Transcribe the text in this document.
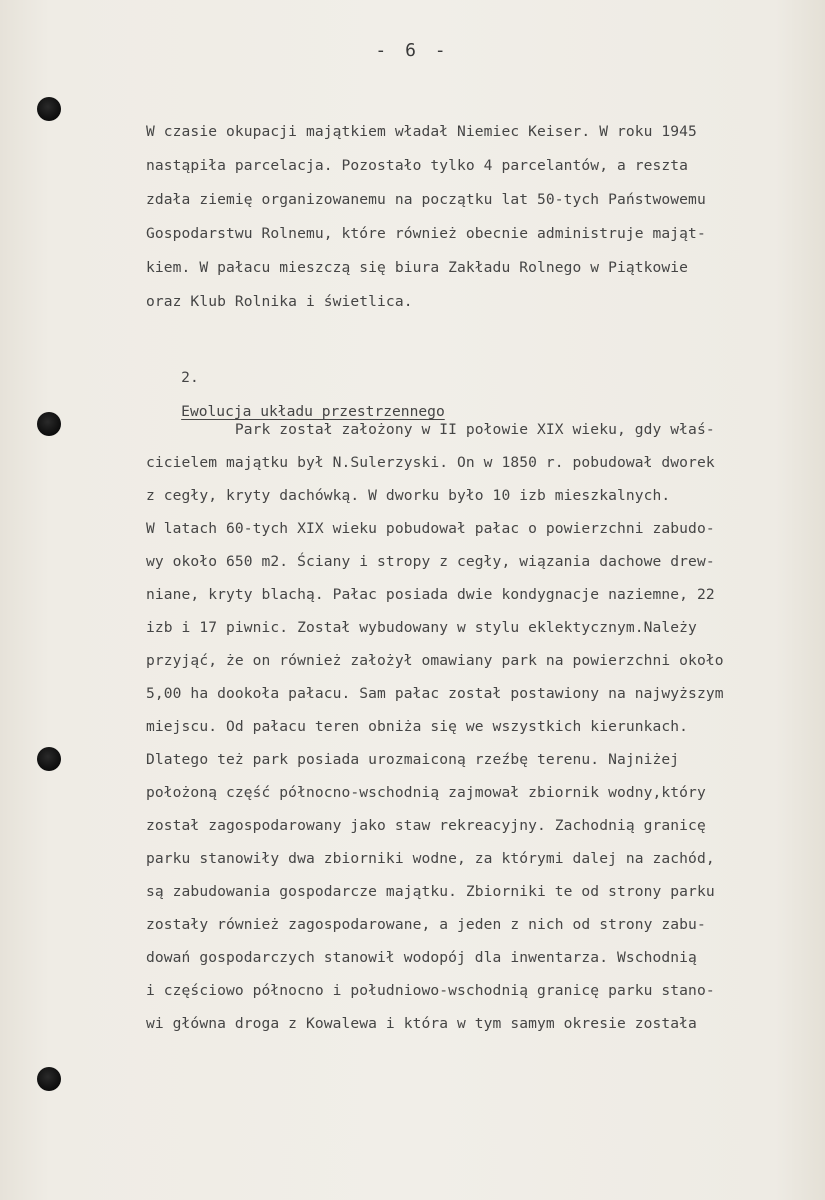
- 6 -

W czasie okupacji majątkiem władał Niemiec Keiser. W roku 1945

nastąpiła parcelacja. Pozostało tylko 4 parcelantów, a reszta

zdała ziemię organizowanemu na początku lat 50-tych Państwowemu

Gospodarstwu Rolnemu, które również obecnie administruje mająt-

kiem. W pałacu mieszczą się biura Zakładu Rolnego w Piątkowie

oraz Klub Rolnika i świetlica.

2.

Ewolucja układu przestrzennego

Park został założony w II połowie XIX wieku, gdy właś-

cicielem majątku był N.Sulerzyski. On w 1850 r. pobudował dworek

z cegły, kryty dachówką. W dworku było 10 izb mieszkalnych.

W latach 60-tych XIX wieku pobudował pałac o powierzchni zabudo-

wy około 650 m2. Ściany i stropy z cegły, wiązania dachowe drew-

niane, kryty blachą. Pałac posiada dwie kondygnacje naziemne, 22

izb i 17 piwnic. Został wybudowany w stylu eklektycznym.Należy

przyjąć, że on również założył omawiany park na powierzchni około

5,00 ha dookoła pałacu. Sam pałac został postawiony na najwyższym

miejscu. Od pałacu teren obniża się we wszystkich kierunkach.

Dlatego też park posiada urozmaiconą rzeźbę terenu. Najniżej

położoną część północno-wschodnią zajmował zbiornik wodny,który

został zagospodarowany jako staw rekreacyjny. Zachodnią granicę

parku stanowiły dwa zbiorniki wodne, za którymi dalej na zachód,

są zabudowania gospodarcze majątku. Zbiorniki te od strony parku

zostały również zagospodarowane, a jeden z nich od strony zabu-

dowań gospodarczych stanowił wodopój dla inwentarza. Wschodnią

i częściowo północno i południowo-wschodnią granicę parku stano-

wi główna droga z Kowalewa i która w tym samym okresie została
